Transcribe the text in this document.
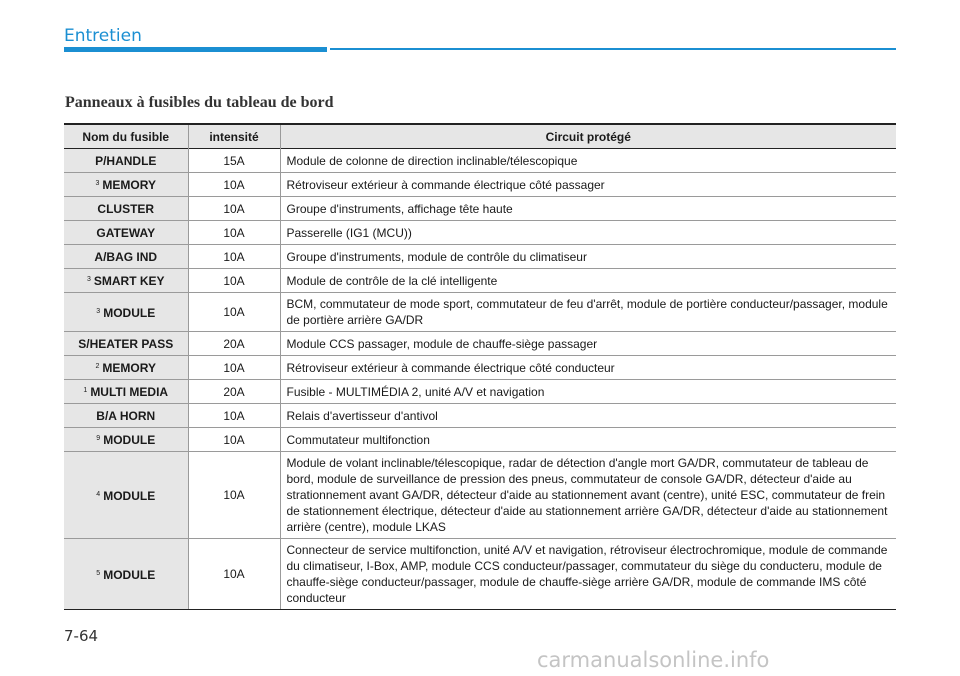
Entretien
Panneaux à fusibles du tableau de bord
Nom du fusible	intensité	Circuit protégé
P/HANDLE	15A	Module de colonne de direction inclinable/télescopique
$^3$ MEMORY	10A	Rétroviseur extérieur à commande électrique côté passager
CLUSTER	10A	Groupe d'instruments, affichage tête haute
GATEWAY	10A	Passerelle (IG1 (MCU))
A/BAG IND	10A	Groupe d'instruments, module de contrôle du climatiseur
$^3$ SMART KEY	10A	Module de contrôle de la clé intelligente
$^3$ MODULE	10A	BCM, commutateur de mode sport, commutateur de feu d'arrêt, module de portière conducteur/passager, module de portière arrière GA/DR
S/HEATER PASS	20A	Module CCS passager, module de chauffe-siège passager
$^2$ MEMORY	10A	Rétroviseur extérieur à commande électrique côté conducteur
$^1$ MULTI MEDIA	20A	Fusible - MULTIMÉDIA 2, unité A/V et navigation
B/A HORN	10A	Relais d'avertisseur d'antivol
$^9$ MODULE	10A	Commutateur multifonction
$^4$ MODULE	10A	Module de volant inclinable/télescopique, radar de détection d'angle mort GA/DR, commutateur de tableau de bord, module de surveillance de pression des pneus, commutateur de console GA/DR, détecteur d'aide au strationnement avant GA/DR, détecteur d'aide au stationnement avant (centre), unité ESC, commutateur de frein de stationnement électrique, détecteur d'aide au stationnement arrière GA/DR, détecteur d'aide au stationnement arrière (centre), module LKAS
$^5$ MODULE	10A	Connecteur de service multifonction, unité A/V et navigation, rétroviseur électrochromique, module de commande du climatiseur, I-Box, AMP, module CCS conducteur/passager, commutateur du siège du conducteru, module de chauffe-siège conducteur/passager, module de chauffe-siège arrière GA/DR, module de commande IMS côté conducteur
7-64
carmanualsonline.info
